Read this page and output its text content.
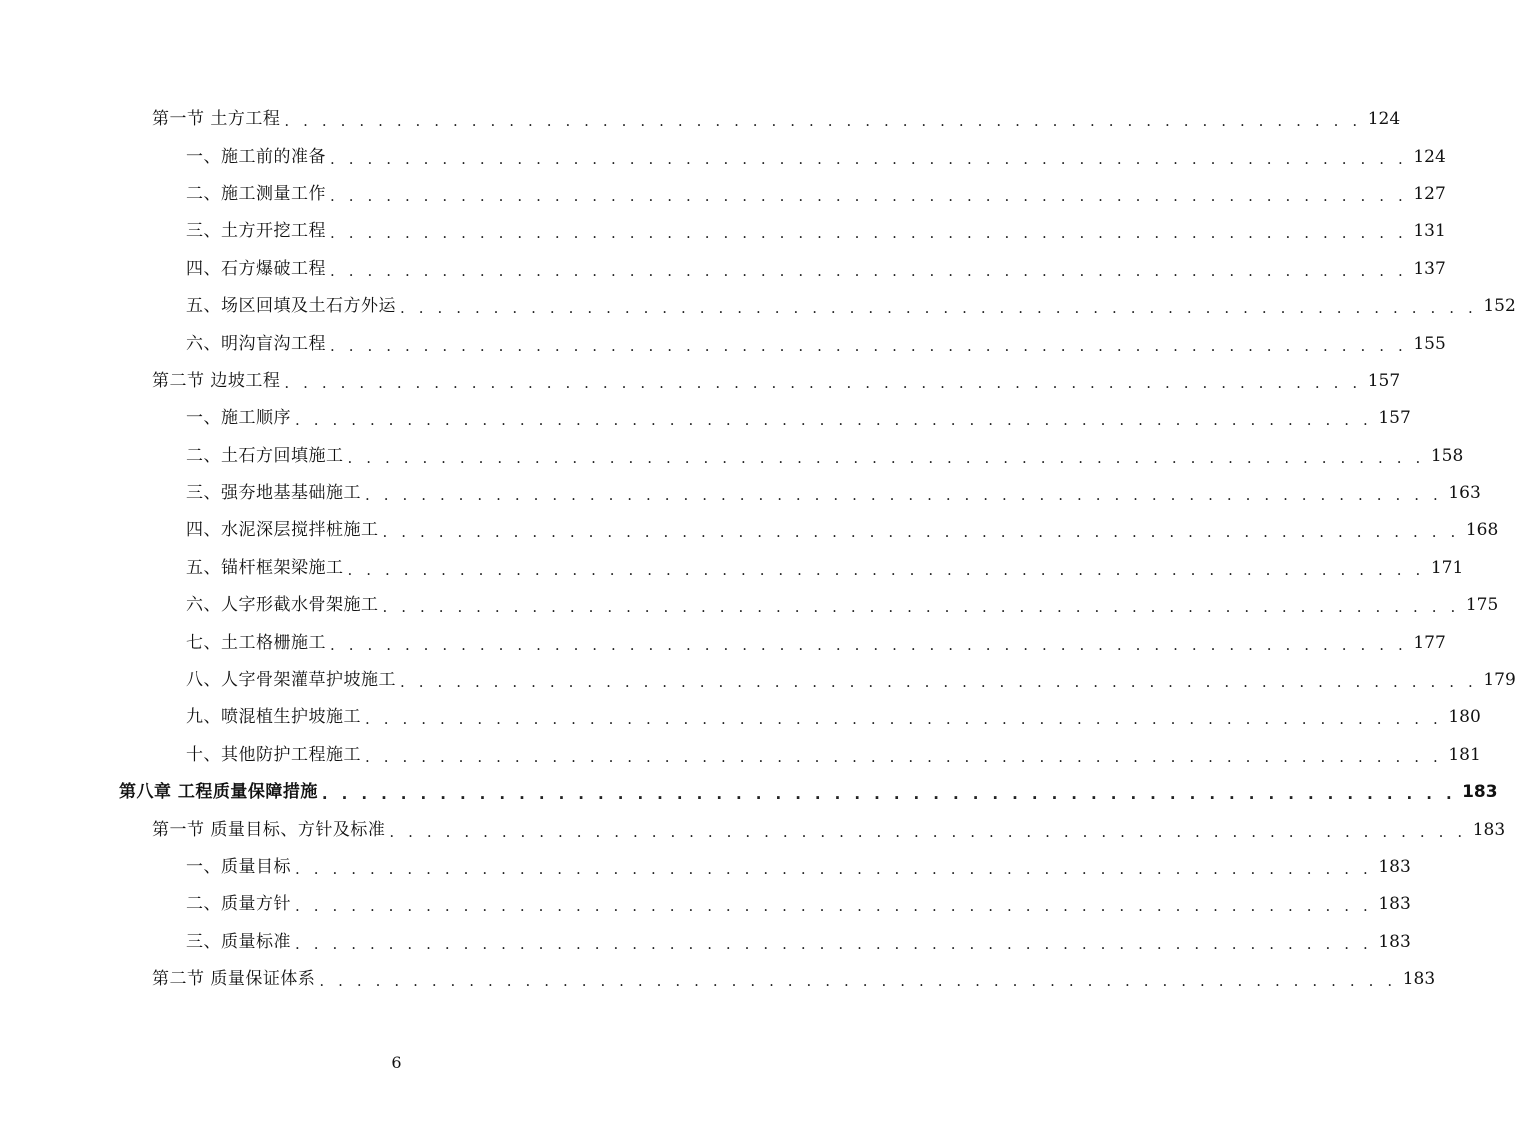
第一节 土方工程 . . . . . . . . . . . . . . . . . . . . . . . . . . . . . . . . . . . . . . . . . . . . . . . . . . . . . . . . . . 124
一、施工前的准备 . . . . . . . . . . . . . . . . . . . . . . . . . . . . . . . . . . . . . . . . . . . . . . . . . . . . . . . . . . 124
二、施工测量工作 . . . . . . . . . . . . . . . . . . . . . . . . . . . . . . . . . . . . . . . . . . . . . . . . . . . . . . . . . . 127
三、土方开挖工程 . . . . . . . . . . . . . . . . . . . . . . . . . . . . . . . . . . . . . . . . . . . . . . . . . . . . . . . . . . 131
四、石方爆破工程 . . . . . . . . . . . . . . . . . . . . . . . . . . . . . . . . . . . . . . . . . . . . . . . . . . . . . . . . . . 137
五、场区回填及土石方外运 . . . . . . . . . . . . . . . . . . . . . . . . . . . . . . . . . . . . . . . . . . . . . . . . . . . . . . . . . . 152
六、明沟盲沟工程 . . . . . . . . . . . . . . . . . . . . . . . . . . . . . . . . . . . . . . . . . . . . . . . . . . . . . . . . . . 155
第二节 边坡工程 . . . . . . . . . . . . . . . . . . . . . . . . . . . . . . . . . . . . . . . . . . . . . . . . . . . . . . . . . . 157
一、施工顺序 . . . . . . . . . . . . . . . . . . . . . . . . . . . . . . . . . . . . . . . . . . . . . . . . . . . . . . . . . . 157
二、土石方回填施工 . . . . . . . . . . . . . . . . . . . . . . . . . . . . . . . . . . . . . . . . . . . . . . . . . . . . . . . . . . 158
三、强夯地基基础施工 . . . . . . . . . . . . . . . . . . . . . . . . . . . . . . . . . . . . . . . . . . . . . . . . . . . . . . . . . . 163
四、水泥深层搅拌桩施工 . . . . . . . . . . . . . . . . . . . . . . . . . . . . . . . . . . . . . . . . . . . . . . . . . . . . . . . . . . 168
五、锚杆框架梁施工 . . . . . . . . . . . . . . . . . . . . . . . . . . . . . . . . . . . . . . . . . . . . . . . . . . . . . . . . . . 171
六、人字形截水骨架施工 . . . . . . . . . . . . . . . . . . . . . . . . . . . . . . . . . . . . . . . . . . . . . . . . . . . . . . . . . . 175
七、土工格栅施工 . . . . . . . . . . . . . . . . . . . . . . . . . . . . . . . . . . . . . . . . . . . . . . . . . . . . . . . . . . 177
八、人字骨架灌草护坡施工 . . . . . . . . . . . . . . . . . . . . . . . . . . . . . . . . . . . . . . . . . . . . . . . . . . . . . . . . . . 179
九、喷混植生护坡施工 . . . . . . . . . . . . . . . . . . . . . . . . . . . . . . . . . . . . . . . . . . . . . . . . . . . . . . . . . . 180
十、其他防护工程施工 . . . . . . . . . . . . . . . . . . . . . . . . . . . . . . . . . . . . . . . . . . . . . . . . . . . . . . . . . . 181
第八章 工程质量保障措施 . . . . . . . . . . . . . . . . . . . . . . . . . . . . . . . . . . . . . . . . . . . . . . . . . . . . . . . . . . 183
第一节 质量目标、方针及标准 . . . . . . . . . . . . . . . . . . . . . . . . . . . . . . . . . . . . . . . . . . . . . . . . . . . . . . . . . . 183
一、质量目标 . . . . . . . . . . . . . . . . . . . . . . . . . . . . . . . . . . . . . . . . . . . . . . . . . . . . . . . . . . 183
二、质量方针 . . . . . . . . . . . . . . . . . . . . . . . . . . . . . . . . . . . . . . . . . . . . . . . . . . . . . . . . . . 183
三、质量标准 . . . . . . . . . . . . . . . . . . . . . . . . . . . . . . . . . . . . . . . . . . . . . . . . . . . . . . . . . . 183
第二节 质量保证体系 . . . . . . . . . . . . . . . . . . . . . . . . . . . . . . . . . . . . . . . . . . . . . . . . . . . . . . . . . . 183
6
